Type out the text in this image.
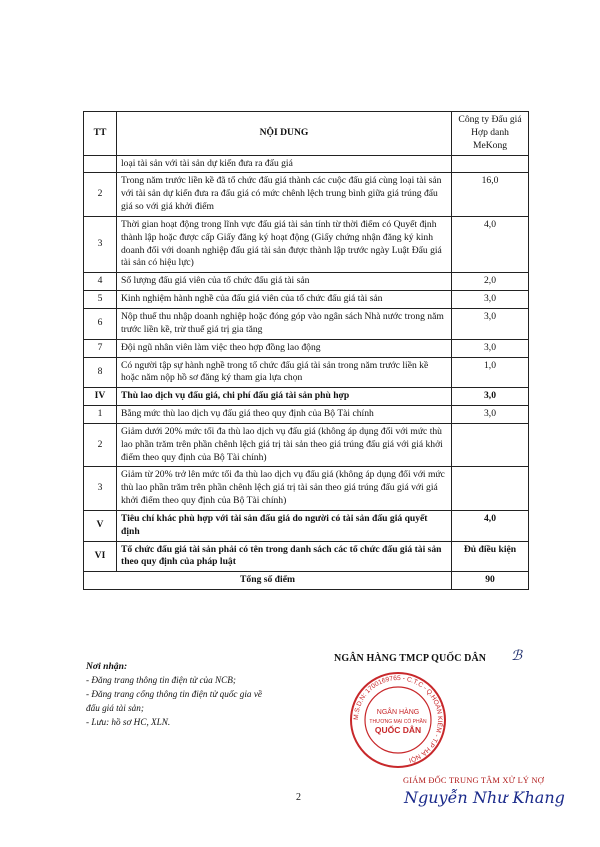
TT	NỘI DUNG	Công ty Đấu giá Hợp danh MeKong
	loại tài sản với tài sản dự kiến đưa ra đấu giá	
2	Trong năm trước liền kề đã tổ chức đấu giá thành các cuộc đấu giá cùng loại tài sản với tài sản dự kiến đưa ra đấu giá có mức chênh lệch trung bình giữa giá trúng đấu giá so với giá khởi điểm	16,0
3	Thời gian hoạt động trong lĩnh vực đấu giá tài sản tính từ thời điểm có Quyết định thành lập hoặc được cấp Giấy đăng ký hoạt động (Giấy chứng nhận đăng ký kinh doanh đối với doanh nghiệp đấu giá tài sản được thành lập trước ngày Luật Đấu giá tài sản có hiệu lực)	4,0
4	Số lượng đấu giá viên của tổ chức đấu giá tài sản	2,0
5	Kinh nghiệm hành nghề của đấu giá viên của tổ chức đấu giá tài sản	3,0
6	Nộp thuế thu nhập doanh nghiệp hoặc đóng góp vào ngân sách Nhà nước trong năm trước liền kề, trừ thuế giá trị gia tăng	3,0
7	Đội ngũ nhân viên làm việc theo hợp đồng lao động	3,0
8	Có người tập sự hành nghề trong tổ chức đấu giá tài sản trong năm trước liền kề hoặc năm nộp hồ sơ đăng ký tham gia lựa chọn	1,0
IV	Thù lao dịch vụ đấu giá, chi phí đấu giá tài sản phù hợp	3,0
1	Bằng mức thù lao dịch vụ đấu giá theo quy định của Bộ Tài chính	3,0
2	Giảm dưới 20% mức tối đa thù lao dịch vụ đấu giá (không áp dụng đối với mức thù lao phần trăm trên phần chênh lệch giá trị tài sản theo giá trúng đấu giá với giá khởi điểm theo quy định của Bộ Tài chính)	
3	Giảm từ 20% trở lên mức tối đa thù lao dịch vụ đấu giá (không áp dụng đối với mức thù lao phần trăm trên phần chênh lệch giá trị tài sản theo giá trúng đấu giá với giá khởi điểm theo quy định của Bộ Tài chính)	
V	Tiêu chí khác phù hợp với tài sản đấu giá do người có tài sản đấu giá quyết định	4,0
VI	Tổ chức đấu giá tài sản phải có tên trong danh sách các tổ chức đấu giá tài sản theo quy định của pháp luật	Đủ điều kiện
Tổng số điểm		90
Nơi nhận:
- Đăng trang thông tin điện tử của NCB;
- Đăng trang cổng thông tin điện tử quốc gia về đấu giá tài sản;
- Lưu: hồ sơ HC, XLN.
NGÂN HÀNG TMCP QUỐC DÂN ℬ
M.S.D.N: 1700169765 - C.T.C - Q.HOÀN KIẾM - T.P HÀ NỘI
NGÂN HÀNG
THƯƠNG MẠI CỔ PHẦN
QUỐC DÂN
GIÁM ĐỐC TRUNG TÂM XỬ LÝ NỢ
Nguyễn Như Khang
2
